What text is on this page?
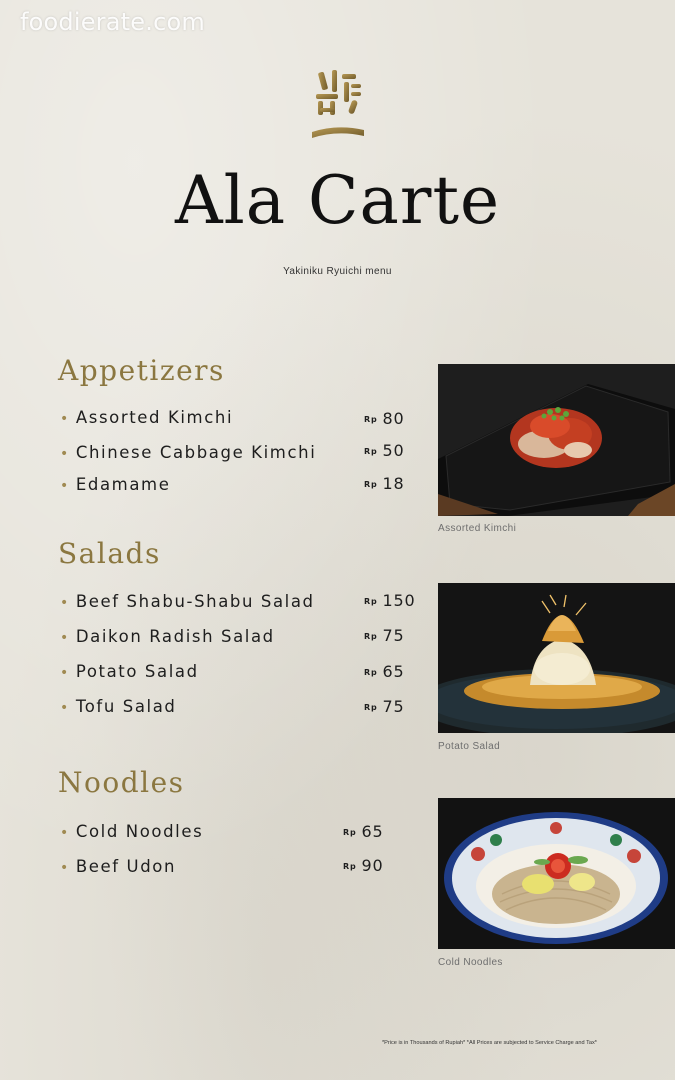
foodierate.com
Ala Carte
Yakiniku Ryuichi menu
Appetizers
• Assorted Kimchi	Rp 80
• Chinese Cabbage Kimchi	Rp 50
• Edamame	Rp 18
Salads
• Beef Shabu-Shabu Salad	Rp 150
• Daikon Radish Salad	Rp 75
• Potato Salad	Rp 65
• Tofu Salad	Rp 75
Noodles
• Cold Noodles	Rp 65
• Beef Udon	Rp 90
Assorted Kimchi
Potato Salad
Cold Noodles
*Price is in Thousands of Rupiah* *All Prices are subjected to Service Charge and Tax*
